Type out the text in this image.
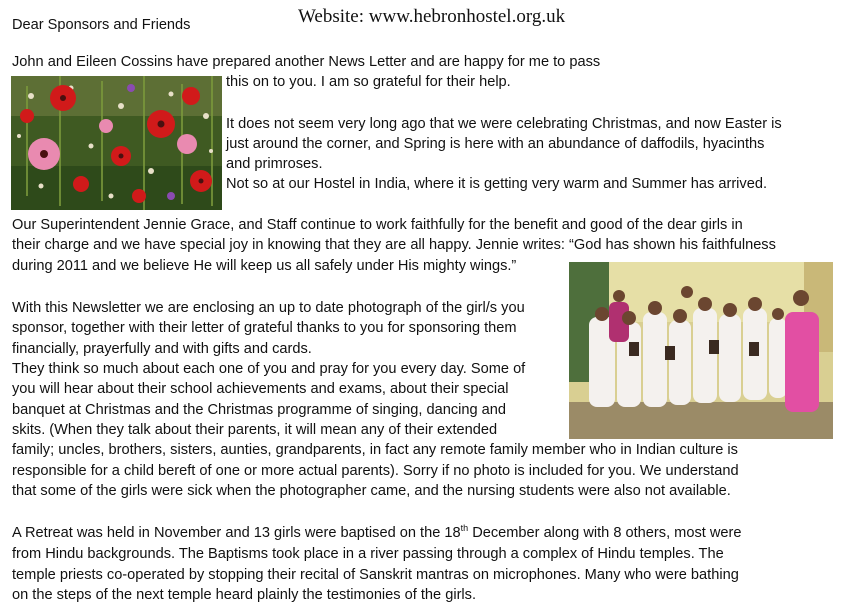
Dear Sponsors and Friends	Website: www.hebronhostel.org.uk
John and Eileen Cossins have prepared another News Letter and are happy for me to pass
this on to you. I am so grateful for their help.
It does not seem very long ago that we were celebrating Christmas, and now Easter is
just around the corner, and Spring is here with an abundance of daffodils, hyacinths
and primroses.
Not so at our Hostel in India, where it is getting very warm and Summer has arrived.
Our Superintendent Jennie Grace, and Staff continue to work faithfully for the benefit and good of the dear girls in
their charge and we have special joy in knowing that they are all happy. Jennie writes: “God has shown his faithfulness
during 2011 and we believe He will keep us all safely under His mighty wings.”
With this Newsletter we are enclosing an up to date photograph of the girl/s you
sponsor, together with their letter of grateful thanks to you for sponsoring them
financially, prayerfully and with gifts and cards.
They think so much about each one of you and pray for you every day. Some of
you will hear about their school achievements and exams, about their special
banquet at Christmas and the Christmas programme of singing, dancing and
skits. (When they talk about their parents, it will mean any of their extended
family; uncles, brothers, sisters, aunties, grandparents, in fact any remote family member who in Indian culture is
responsible for a child bereft of one or more actual parents). Sorry if no photo is included for you. We understand
that some of the girls were sick when the photographer came, and the nursing students were also not available.
A Retreat was held in November and 13 girls were baptised on the 18th December along with 8 others, most were
from Hindu backgrounds. The Baptisms took place in a river passing through a complex of Hindu temples. The
temple priests co-operated by stopping their recital of Sanskrit mantras on microphones. Many who were bathing
on the steps of the next temple heard plainly the testimonies of the girls.
